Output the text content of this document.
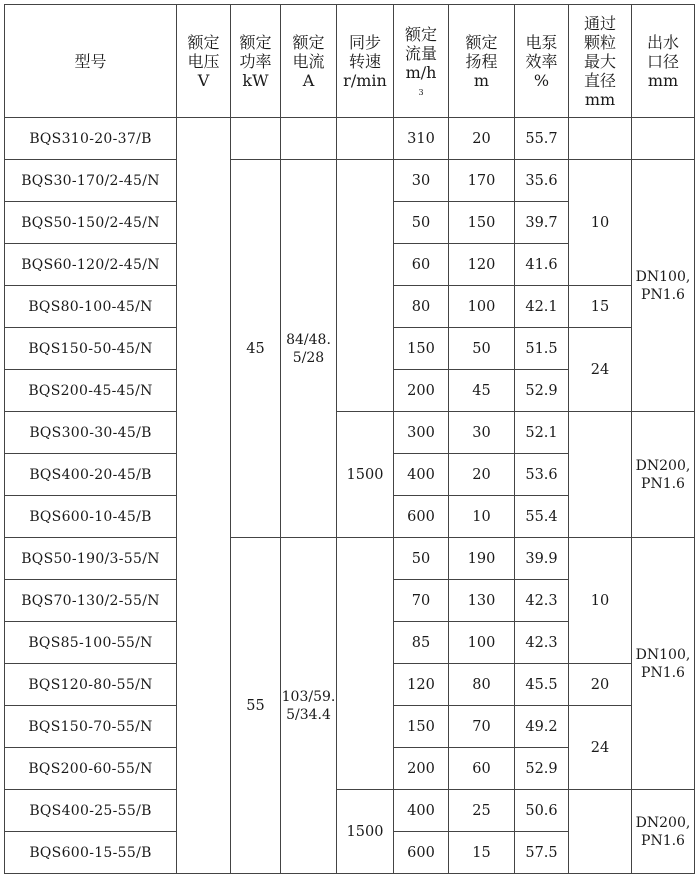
型号	额定
电压
V	额定
功率
kW	额定
电流
A	同步
转速
r/min	额定
流量
m/h
3	额定
扬程
m	电泵
效率
%	通过
颗粒
最大
直径
mm	出水
口径
mm

BQS310-20-37/B					310	20	55.7		
BQS30-170/2-45/N		45	84/48.5/28		30	170	35.6	10	DN100,PN1.6
BQS50-150/2-45/N					50	150	39.7		
BQS60-120/2-45/N					60	120	41.6		
BQS80-100-45/N					80	100	42.1	15	
BQS150-50-45/N					150	50	51.5	24	
BQS200-45-45/N					200	45	52.9		
BQS300-30-45/B				1500	300	30	52.1		DN200,PN1.6
BQS400-20-45/B					400	20	53.6		
BQS600-10-45/B					600	10	55.4		
BQS50-190/3-55/N		55	103/59.5/34.4		50	190	39.9	10	DN100,PN1.6
BQS70-130/2-55/N					70	130	42.3		
BQS85-100-55/N					85	100	42.3		
BQS120-80-55/N					120	80	45.5	20	
BQS150-70-55/N					150	70	49.2	24	
BQS200-60-55/N					200	60	52.9		
BQS400-25-55/B				1500	400	25	50.6		DN200,PN1.6
BQS600-15-55/B					600	15	57.5		
